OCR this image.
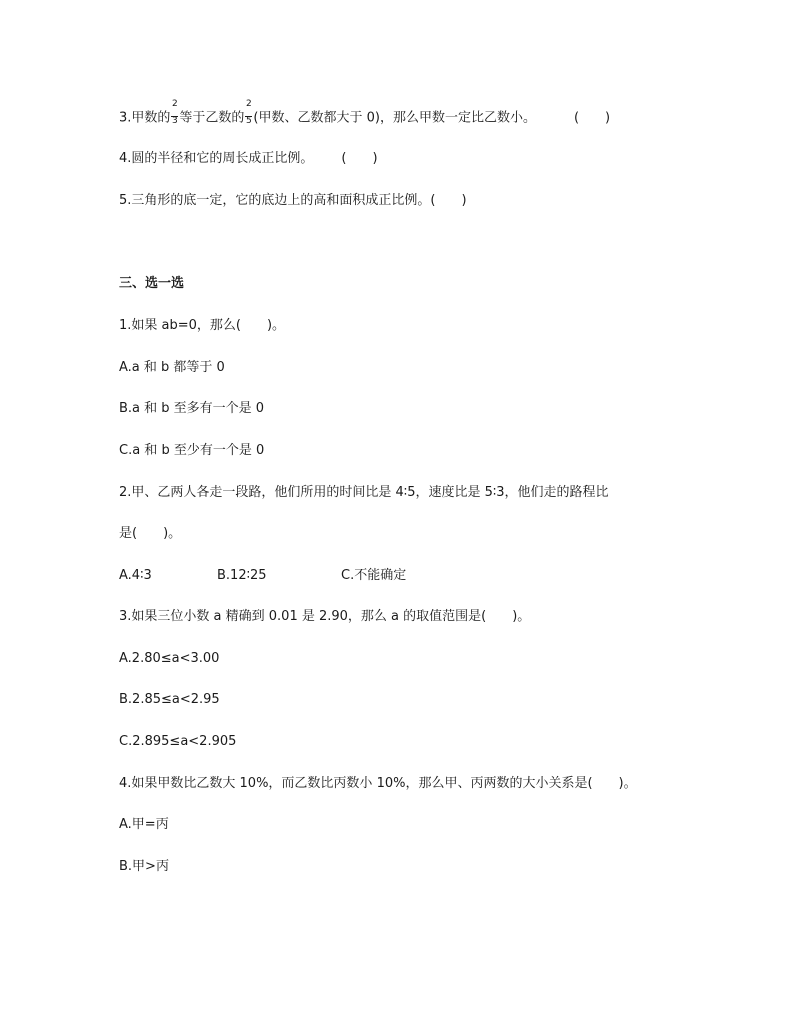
3.甲数的 $\frac{2}{3}$ 等于乙数的 $\frac{2}{5}$ (甲数、乙数都大于 0)，那么甲数一定比乙数小。	(　　)
4.圆的半径和它的周长成正比例。 (　　)
5.三角形的底一定，它的底边上的高和面积成正比例。(　　)
三、选一选
1.如果 ab=0，那么(　　)。
A.a 和 b 都等于 0
B.a 和 b 至多有一个是 0
C.a 和 b 至少有一个是 0
2.甲、乙两人各走一段路，他们所用的时间比是 4∶5，速度比是 5∶3，他们走的路程比
是(　　)。
A.4∶3	B.12∶25	C.不能确定
3.如果三位小数 a 精确到 0.01 是 2.90，那么 a 的取值范围是(　　)。
A.2.80≤a<3.00
B.2.85≤a<2.95
C.2.895≤a<2.905
4.如果甲数比乙数大 10%，而乙数比丙数小 10%，那么甲、丙两数的大小关系是(　　)。
A.甲=丙
B.甲>丙
